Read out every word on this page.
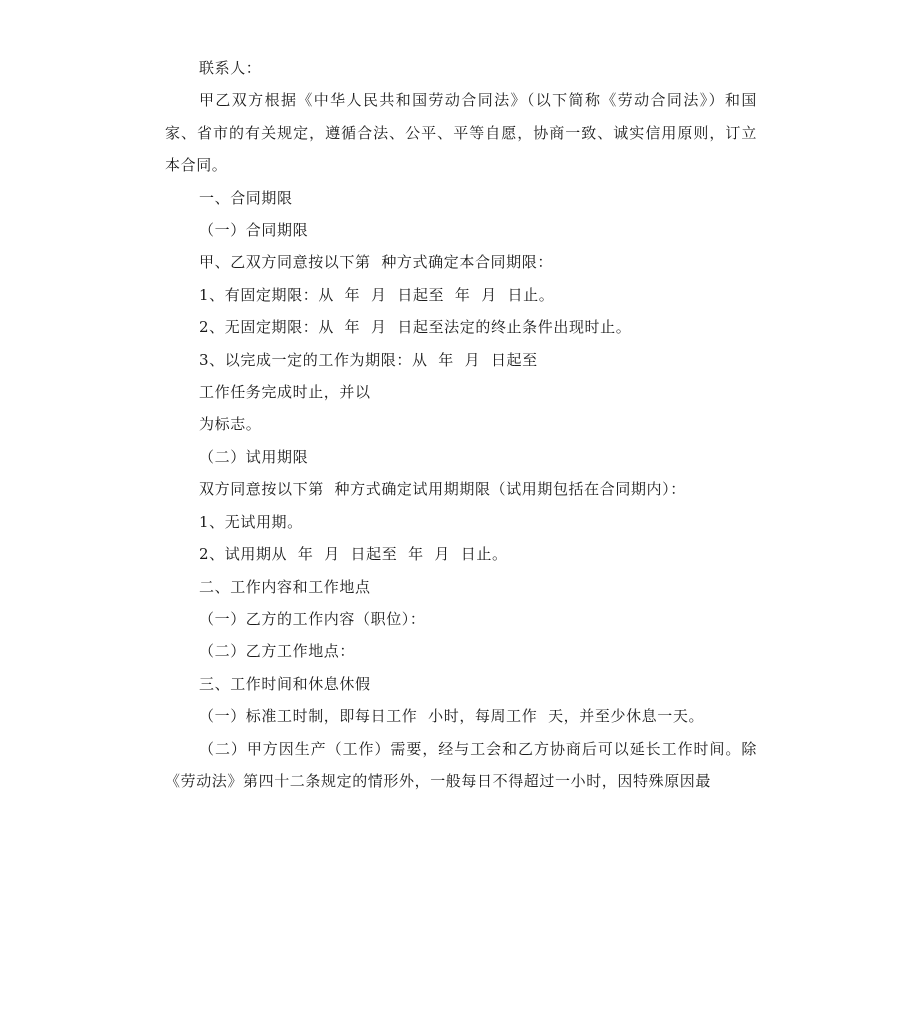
联系人：

甲乙双方根据《中华人民共和国劳动合同法》（以下简称《劳动合同法》）和国家、省市的有关规定，遵循合法、公平、平等自愿，协商一致、诚实信用原则，订立本合同。

一、合同期限

（一）合同期限

甲、乙双方同意按以下第  种方式确定本合同期限：

1、有固定期限：从  年  月  日起至  年  月  日止。

2、无固定期限：从  年  月  日起至法定的终止条件出现时止。

3、以完成一定的工作为期限：从  年  月  日起至

工作任务完成时止，并以

为标志。

（二）试用期限

双方同意按以下第  种方式确定试用期期限（试用期包括在合同期内）：

1、无试用期。

2、试用期从  年  月  日起至  年  月  日止。

二、工作内容和工作地点

（一）乙方的工作内容（职位）：

（二）乙方工作地点：

三、工作时间和休息休假

（一）标准工时制，即每日工作  小时，每周工作  天，并至少休息一天。

（二）甲方因生产（工作）需要，经与工会和乙方协商后可以延长工作时间。除《劳动法》第四十二条规定的情形外，一般每日不得超过一小时，因特殊原因最
